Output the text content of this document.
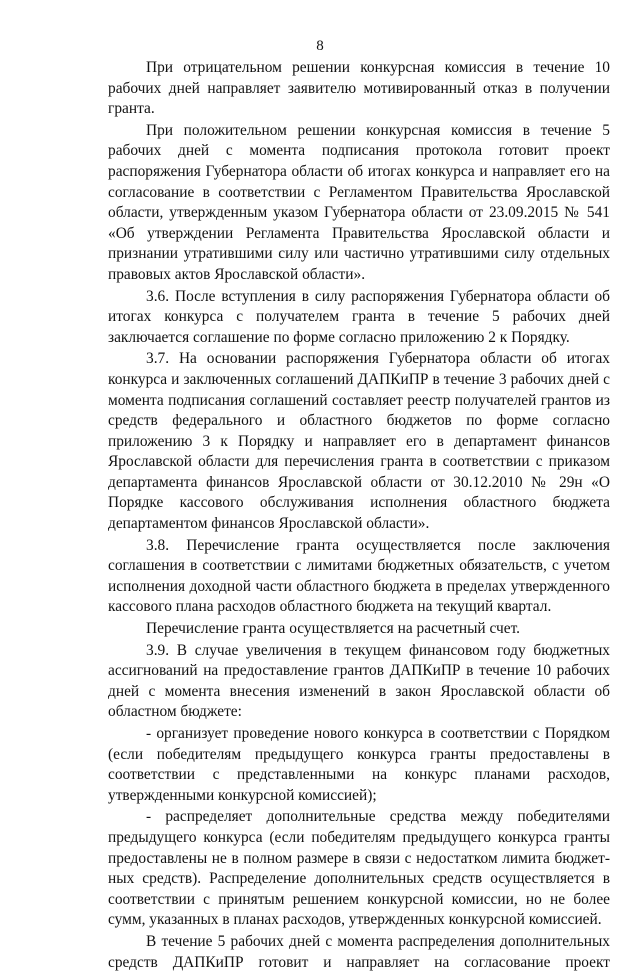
8

При отрицательном решении конкурсная комиссия в течение 10 рабочих дней направляет заявителю мотивированный отказ в получении гранта.

При положительном решении конкурсная комиссия в течение 5 рабочих дней с момента подписания протокола готовит проект распоряжения Губернатора области об итогах конкурса и направляет его на согласование в соответствии с Регламентом Правительства Ярославской области, утвержденным указом Губернатора области от 23.09.2015 № 541 «Об утверждении Регламента Правительства Ярославской области и признании утратившими силу или частично утратившими силу отдельных правовых актов Ярославской области».

3.6. После вступления в силу распоряжения Губернатора области об итогах конкурса с получателем гранта в течение 5 рабочих дней заключается соглашение по форме согласно приложению 2 к Порядку.

3.7. На основании распоряжения Губернатора области об итогах конкурса и заключенных соглашений ДАПКиПР в течение 3 рабочих дней с момента подписания соглашений составляет реестр получателей грантов из средств федерального и областного бюджетов по форме согласно приложению 3 к Порядку и направляет его в департамент финансов Ярославской области для перечисления гранта в соответствии с приказом департамента финансов Ярославской области от 30.12.2010 № 29н «О Порядке кассового обслуживания исполнения областного бюджета департаментом финансов Ярославской области».

3.8. Перечисление гранта осуществляется после заключения соглашения в соответствии с лимитами бюджетных обязательств, с учетом исполнения доходной части областного бюджета в пределах утвержденного кассового плана расходов областного бюджета на текущий квартал.

Перечисление гранта осуществляется на расчетный счет.

3.9. В случае увеличения в текущем финансовом году бюджетных ассигнований на предоставление грантов ДАПКиПР в течение 10 рабочих дней с момента внесения изменений в закон Ярославской области об областном бюджете:

- организует проведение нового конкурса в соответствии с Порядком (если победителям предыдущего конкурса гранты предоставлены в соответствии с представленными на конкурс планами расходов, утвержденными конкурсной комиссией);

- распределяет дополнительные средства между победителями предыдущего конкурса (если победителям предыдущего конкурса гранты предоставлены не в полном размере в связи с недостатком лимита бюджетных средств). Распределение дополнительных средств осуществляется в соответствии с принятым решением конкурсной комиссии, но не более сумм, указанных в планах расходов, утвержденных конкурсной комиссией.

В течение 5 рабочих дней с момента распределения дополнительных средств ДАПКиПР готовит и направляет на согласование проект
